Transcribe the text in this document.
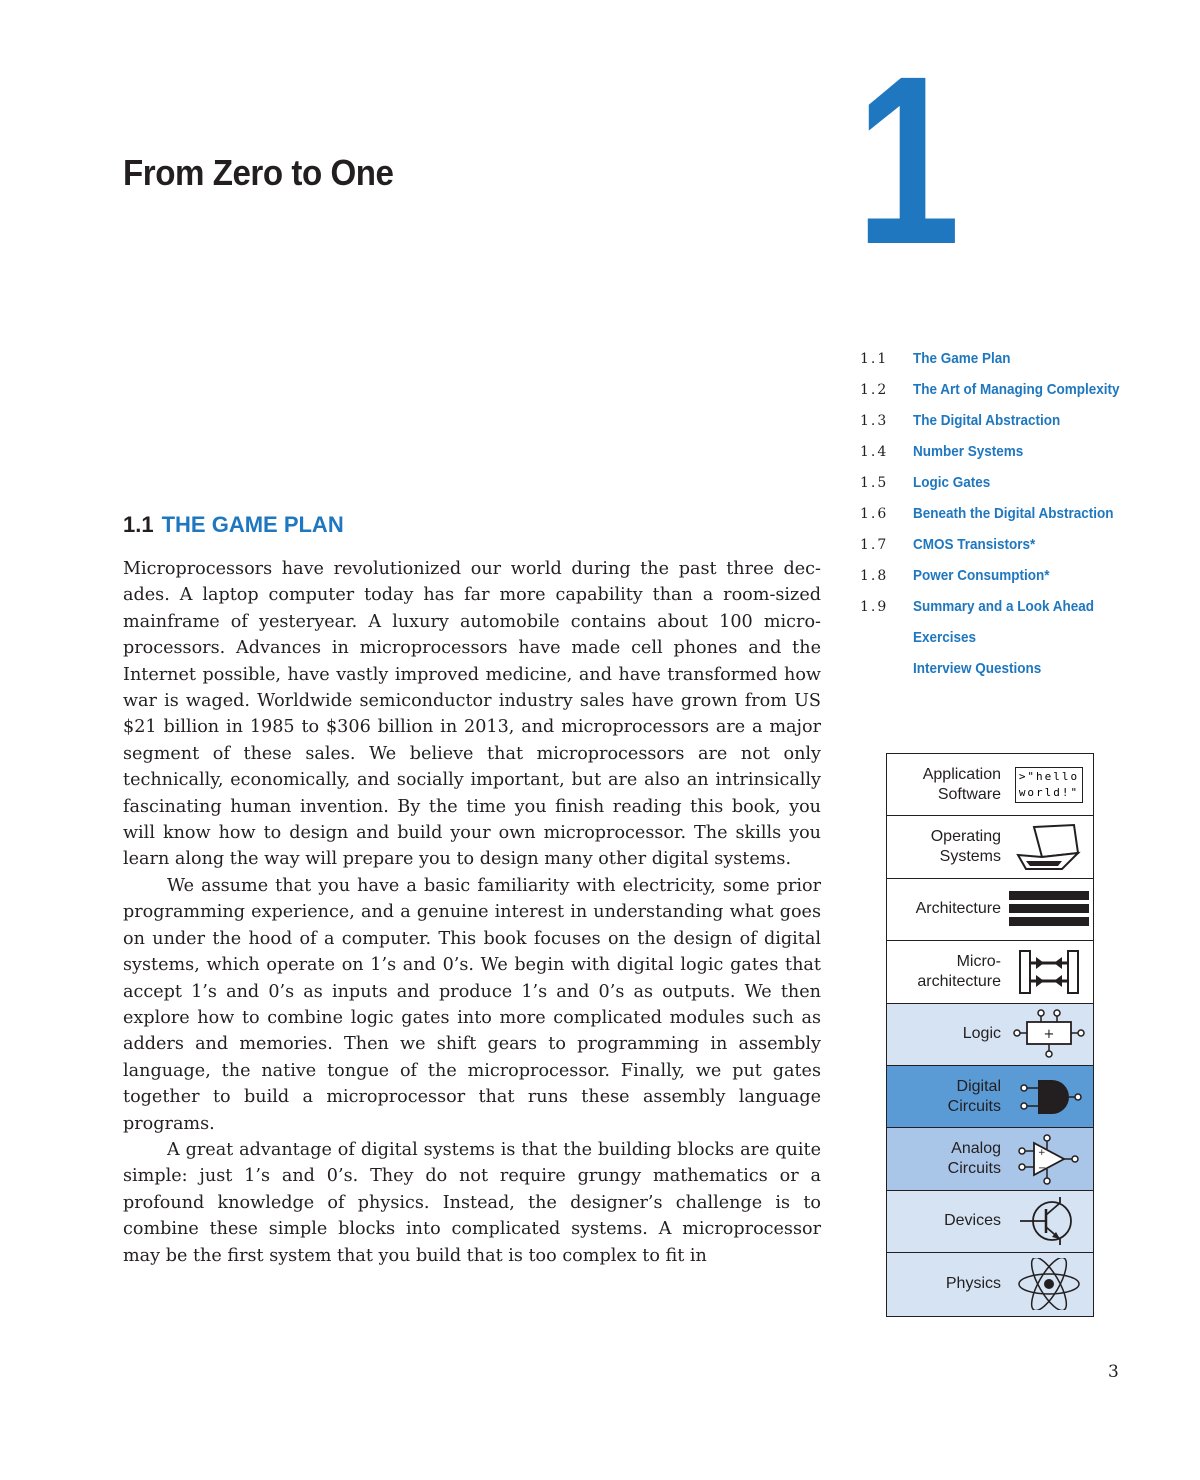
From Zero to One 1
1.1	The Game Plan
1.2	The Art of Managing Complexity
1.3	The Digital Abstraction
1.4	Number Systems
1.5	Logic Gates
1.6	Beneath the Digital Abstraction
1.7	CMOS Transistors*
1.8	Power Consumption*
1.9	Summary and a Look Ahead
Exercises
Interview Questions
1.1 THE GAME PLAN

Microprocessors have revolutionized our world during the past three decades. A laptop computer today has far more capability than a room-sized mainframe of yesteryear. A luxury automobile contains about 100 microprocessors. Advances in microprocessors have made cell phones and the Internet possible, have vastly improved medicine, and have transformed how war is waged. Worldwide semiconductor industry sales have grown from US $21 billion in 1985 to $306 billion in 2013, and microprocessors are a major segment of these sales. We believe that microprocessors are not only technically, economically, and socially important, but are also an intrinsically fascinating human invention. By the time you finish reading this book, you will know how to design and build your own microprocessor. The skills you learn along the way will prepare you to design many other digital systems.

We assume that you have a basic familiarity with electricity, some prior programming experience, and a genuine interest in understanding what goes on under the hood of a computer. This book focuses on the design of digital systems, which operate on 1’s and 0’s. We begin with digital logic gates that accept 1’s and 0’s as inputs and produce 1’s and 0’s as outputs. We then explore how to combine logic gates into more complicated modules such as adders and memories. Then we shift gears to programming in assembly language, the native tongue of the microprocessor. Finally, we put gates together to build a microprocessor that runs these assembly language programs.

A great advantage of digital systems is that the building blocks are quite simple: just 1’s and 0’s. They do not require grungy mathematics or a profound knowledge of physics. Instead, the designer’s challenge is to combine these simple blocks into complicated systems. A microprocessor may be the first system that you build that is too complex to fit in

Application
Software
>"hello
world!"
Operating
Systems
Architecture
Micro-
architecture
Logic	+
Digital
Circuits
Analog
Circuits
+
−
Devices
Physics
3
